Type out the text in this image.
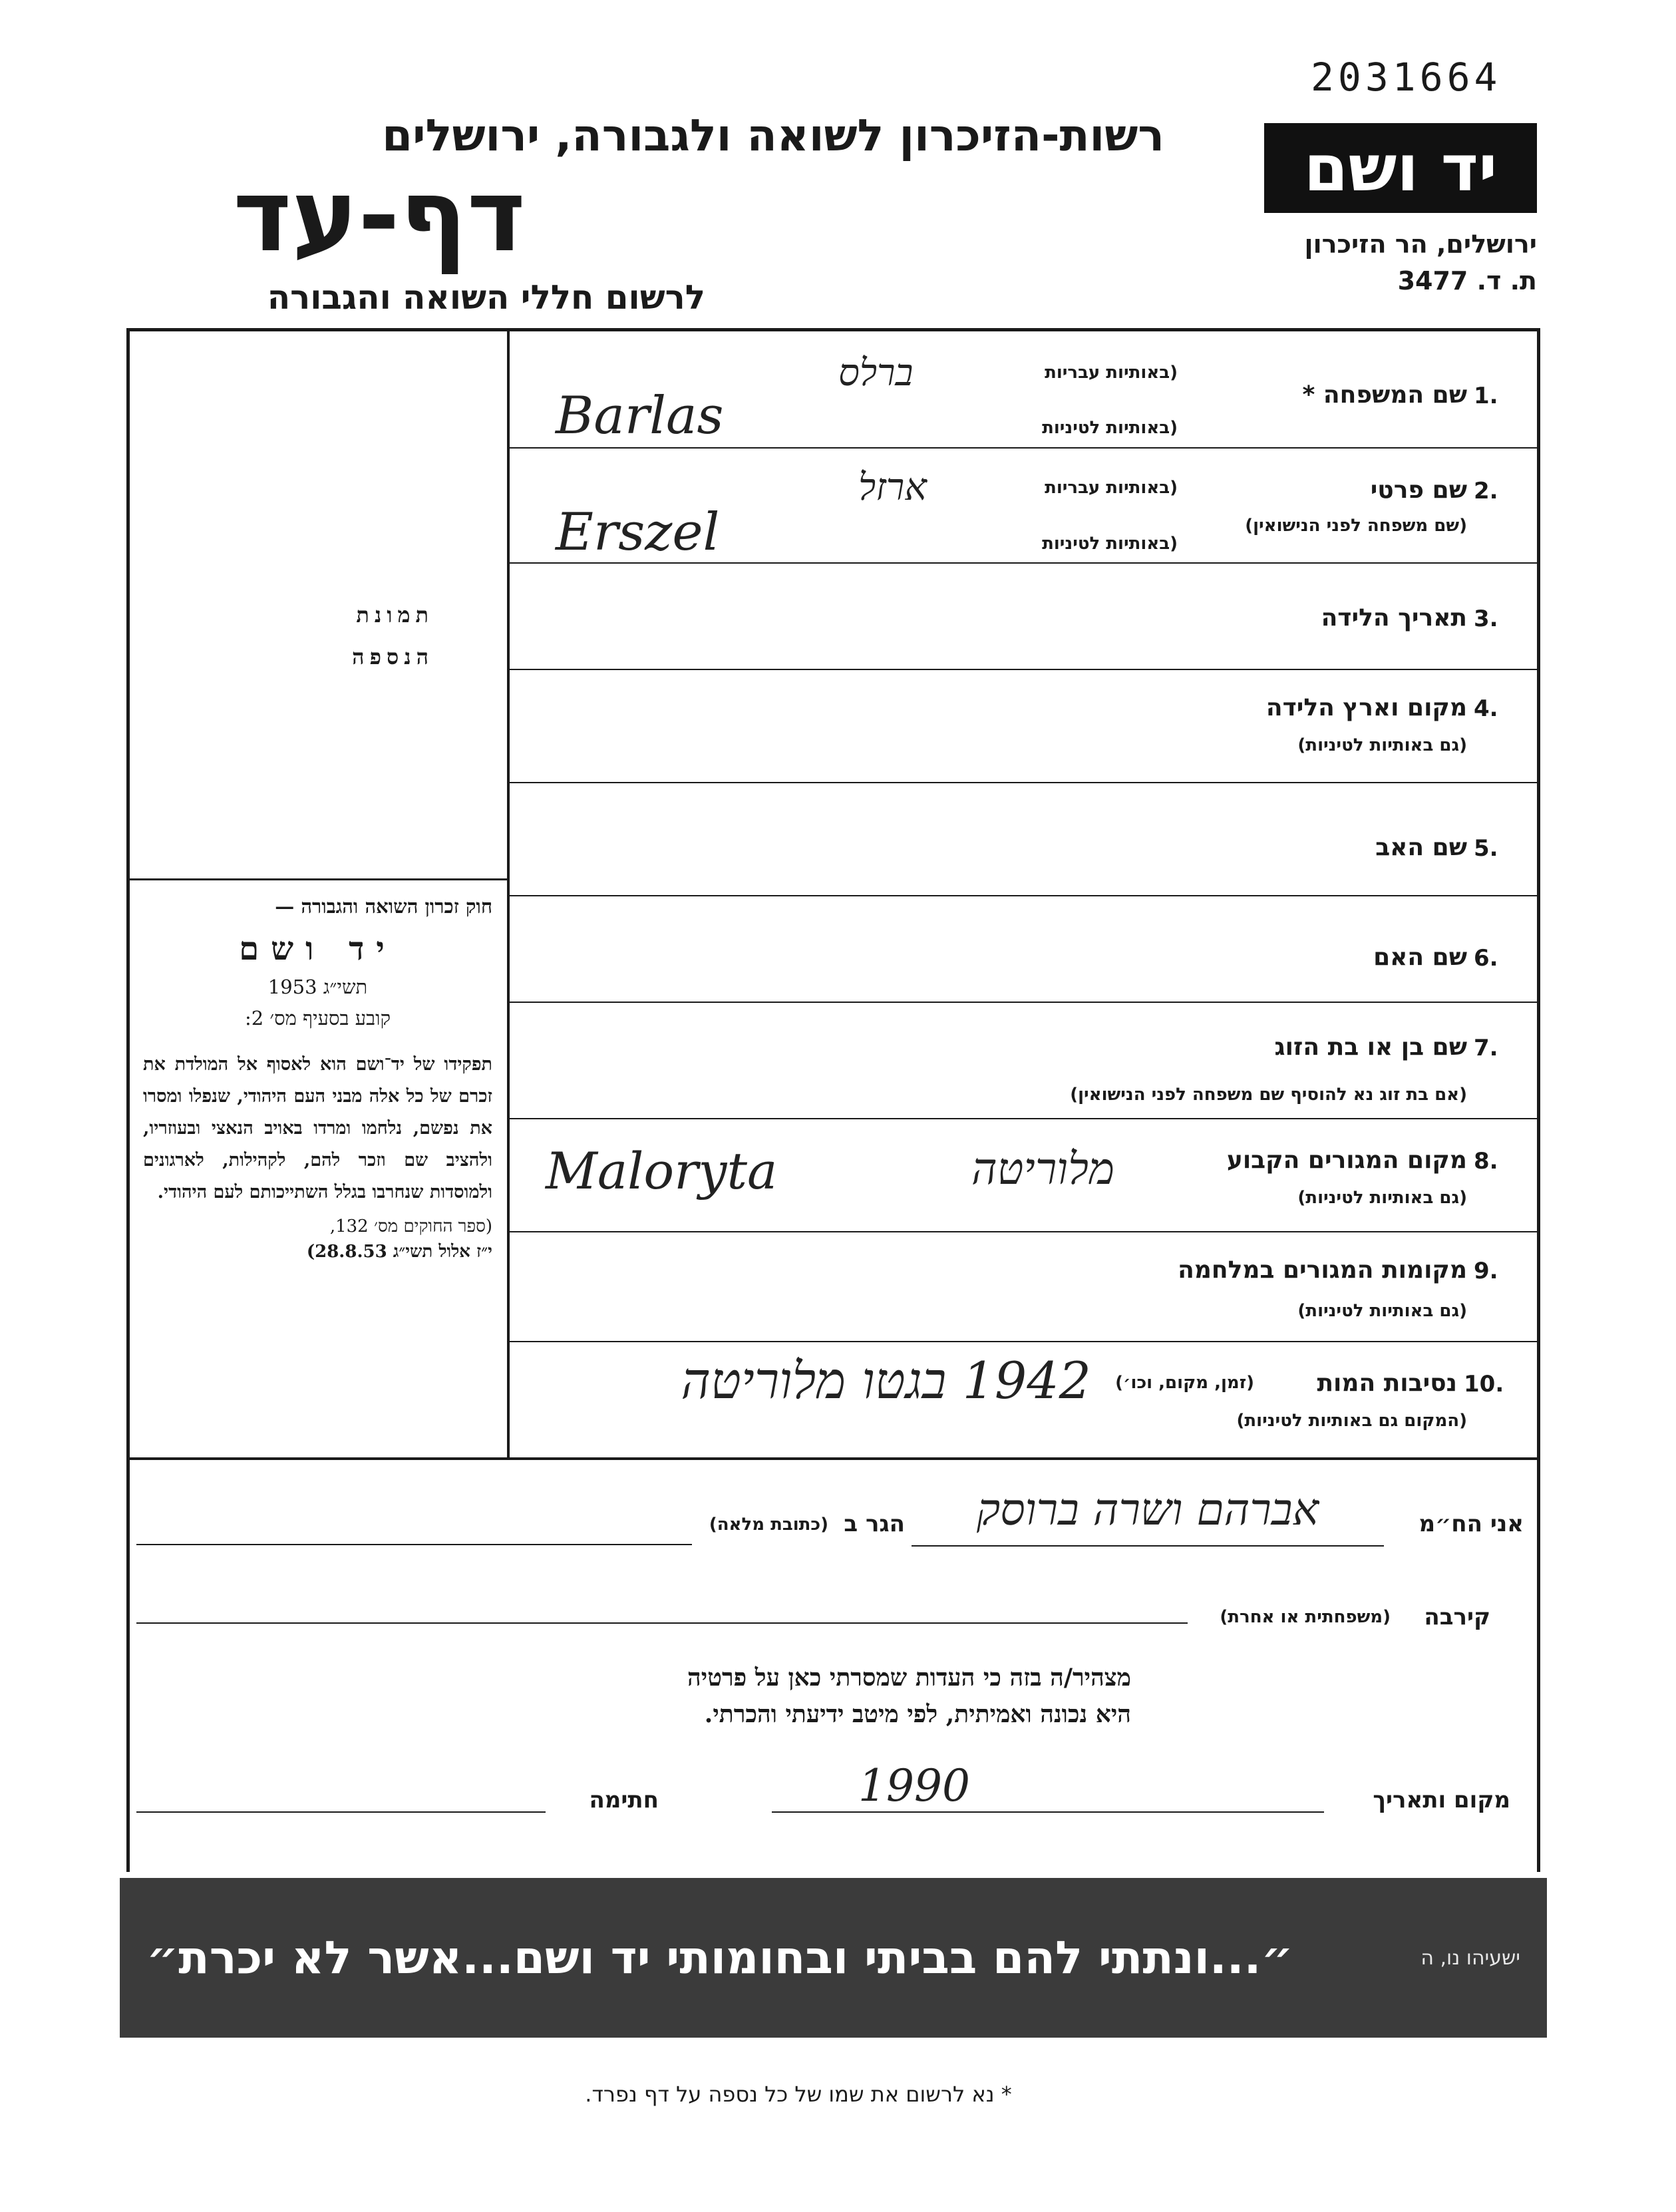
2031664
רשות-הזיכרון לשואה ולגבורה, ירושלים
דף-עד
לרשום חללי השואה והגבורה
יד ושם
ירושלים, הר הזיכרון
ת. ד. 3477
תמונת
הנספה

חוק זכרון השואה והגבורה —

יד ושם

תשי״ג 1953

קובע בסעיף מס׳ 2:

תפקידו של יד־ושם הוא לאסוף אל המולדת את זכרם של כל אלה מבני העם היהודי, שנפלו ומסרו את נפשם, נלחמו ומרדו באויב הנאצי ובעוזריו, ולהציב שם וזכר להם, לקהילות, לארגונים ולמוסדות שנחרבו בגלל השתייכותם לעם היהודי.

(ספר החוקים מס׳ 132,

י״ז אלול תשי״ג 28.8.53)

1.
שם המשפחה *
(באותיות עבריות
(באותיות לטיניות
ברלס
Barlas
2.
שם פרטי
(שם משפחה לפני הנישואין)
(באותיות עבריות
(באותיות לטיניות
ארזל
Erszel
3.
תאריך הלידה
4.
מקום וארץ הלידה
(גם באותיות לטיניות)
5.
שם האב
6.
שם האם
7.
שם בן או בת הזוג
(אם בת זוג נא להוסיף שם משפחה לפני הנישואין)
8.
מקום המגורים הקבוע
(גם באותיות לטיניות)
מלוריטה
Maloryta
9.
מקומות המגורים במלחמה
(גם באותיות לטיניות)
10.
נסיבות המות
(זמן, מקום, וכו׳)
(המקום גם באותיות לטיניות)
1942 בגטו מלוריטה
אני הח״מ
אברהם ושרה ברוסק
הגר ב
(כתובת מלאה)
(משפחתית או אחרת)	קירבה
מצהיר/ה בזה כי העדות שמסרתי כאן על פרטיה
היא נכונה ואמיתית, לפי מיטב ידיעתי והכרתי.
מקום ותאריך
1990
חתימה
ישעיהו נו, ה
״...ונתתי להם בביתי ובחומותי יד ושם...אשר לא יכרת״
* נא לרשום את שמו של כל נספה על דף נפרד.
